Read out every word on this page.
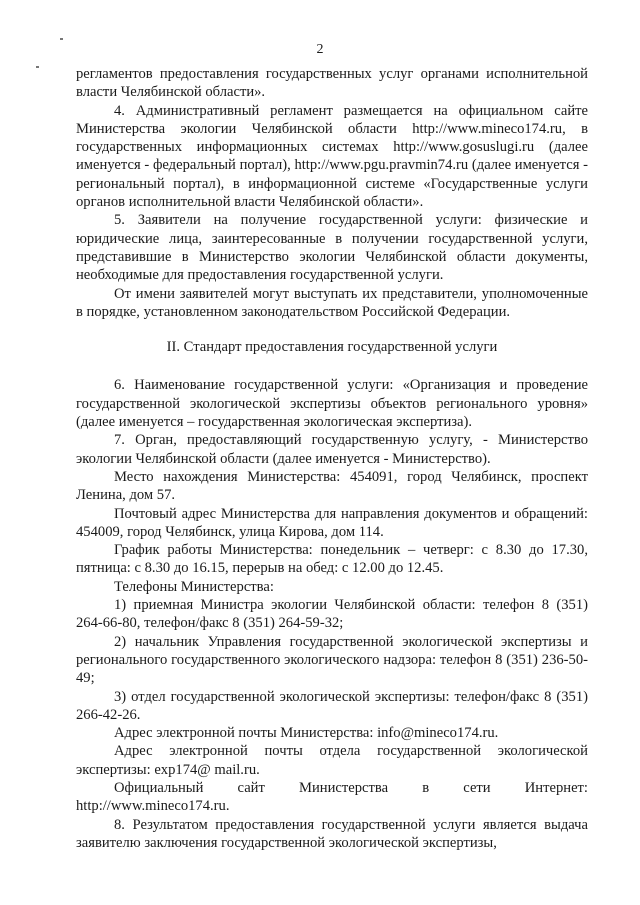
2

регламентов предоставления государственных услуг органами исполнительной власти Челябинской области».

4. Административный регламент размещается на официальном сайте Министерства экологии Челябинской области http://www.mineco174.ru, в государственных информационных системах http://www.gosuslugi.ru (далее именуется - федеральный портал), http://www.pgu.pravmin74.ru (далее именуется - региональный портал), в информационной системе «Государственные услуги органов исполнительной власти Челябинской области».

5. Заявители на получение государственной услуги: физические и юридические лица, заинтересованные в получении государственной услуги, представившие в Министерство экологии Челябинской области документы, необходимые для предоставления государственной услуги.

От имени заявителей могут выступать их представители, уполномоченные в порядке, установленном законодательством Российской Федерации.

II. Стандарт предоставления государственной услуги

6. Наименование государственной услуги: «Организация и проведение государственной экологической экспертизы объектов регионального уровня» (далее именуется – государственная экологическая экспертиза).

7. Орган, предоставляющий государственную услугу, - Министерство экологии Челябинской области (далее именуется - Министерство).

Место нахождения Министерства: 454091, город Челябинск, проспект Ленина, дом 57.

Почтовый адрес Министерства для направления документов и обращений: 454009, город Челябинск, улица Кирова, дом 114.

График работы Министерства: понедельник – четверг: с 8.30 до 17.30, пятница: с 8.30 до 16.15, перерыв на обед: с 12.00 до 12.45.

Телефоны Министерства:

1) приемная Министра экологии Челябинской области: телефон 8 (351) 264-66-80, телефон/факс 8 (351) 264-59-32;

2) начальник Управления государственной экологической экспертизы и регионального государственного экологического надзора: телефон 8 (351) 236-50-49;

3) отдел государственной экологической экспертизы: телефон/факс 8 (351) 266-42-26.

Адрес электронной почты Министерства: info@mineco174.ru.

Адрес электронной почты отдела государственной экологической экспертизы: exp174@ mail.ru.

Официальный сайт Министерства в сети Интернет: http://www.mineco174.ru.

8. Результатом предоставления государственной услуги является выдача заявителю заключения государственной экологической экспертизы,
